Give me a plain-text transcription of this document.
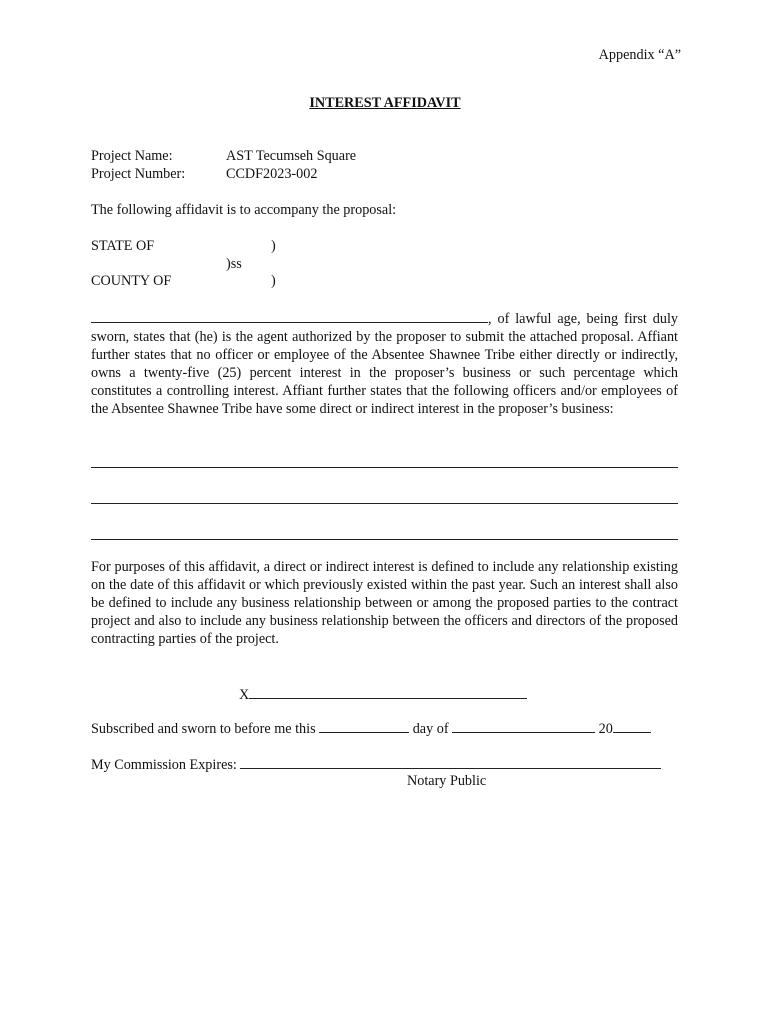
Appendix “A”
INTEREST AFFIDAVIT
Project Name:	AST Tecumseh Square
Project Number:	CCDF2023-002
The following affidavit is to accompany the proposal:
STATE OF	)
)ss
COUNTY OF	)
, of lawful age, being first duly sworn, states that (he) is the agent authorized by the proposer to submit the attached proposal. Affiant further states that no officer or employee of the Absentee Shawnee Tribe either directly or indirectly, owns a twenty-five (25) percent interest in the proposer’s business or such percentage which constitutes a controlling interest. Affiant further states that the following officers and/or employees of the Absentee Shawnee Tribe have some direct or indirect interest in the proposer’s business:
For purposes of this affidavit, a direct or indirect interest is defined to include any relationship existing on the date of this affidavit or which previously existed within the past year. Such an interest shall also be defined to include any business relationship between or among the proposed parties to the contract project and also to include any business relationship between the officers and directors of the proposed contracting parties of the project.
X
Subscribed and sworn to before me this	day of	20
My Commission Expires:
Notary Public
